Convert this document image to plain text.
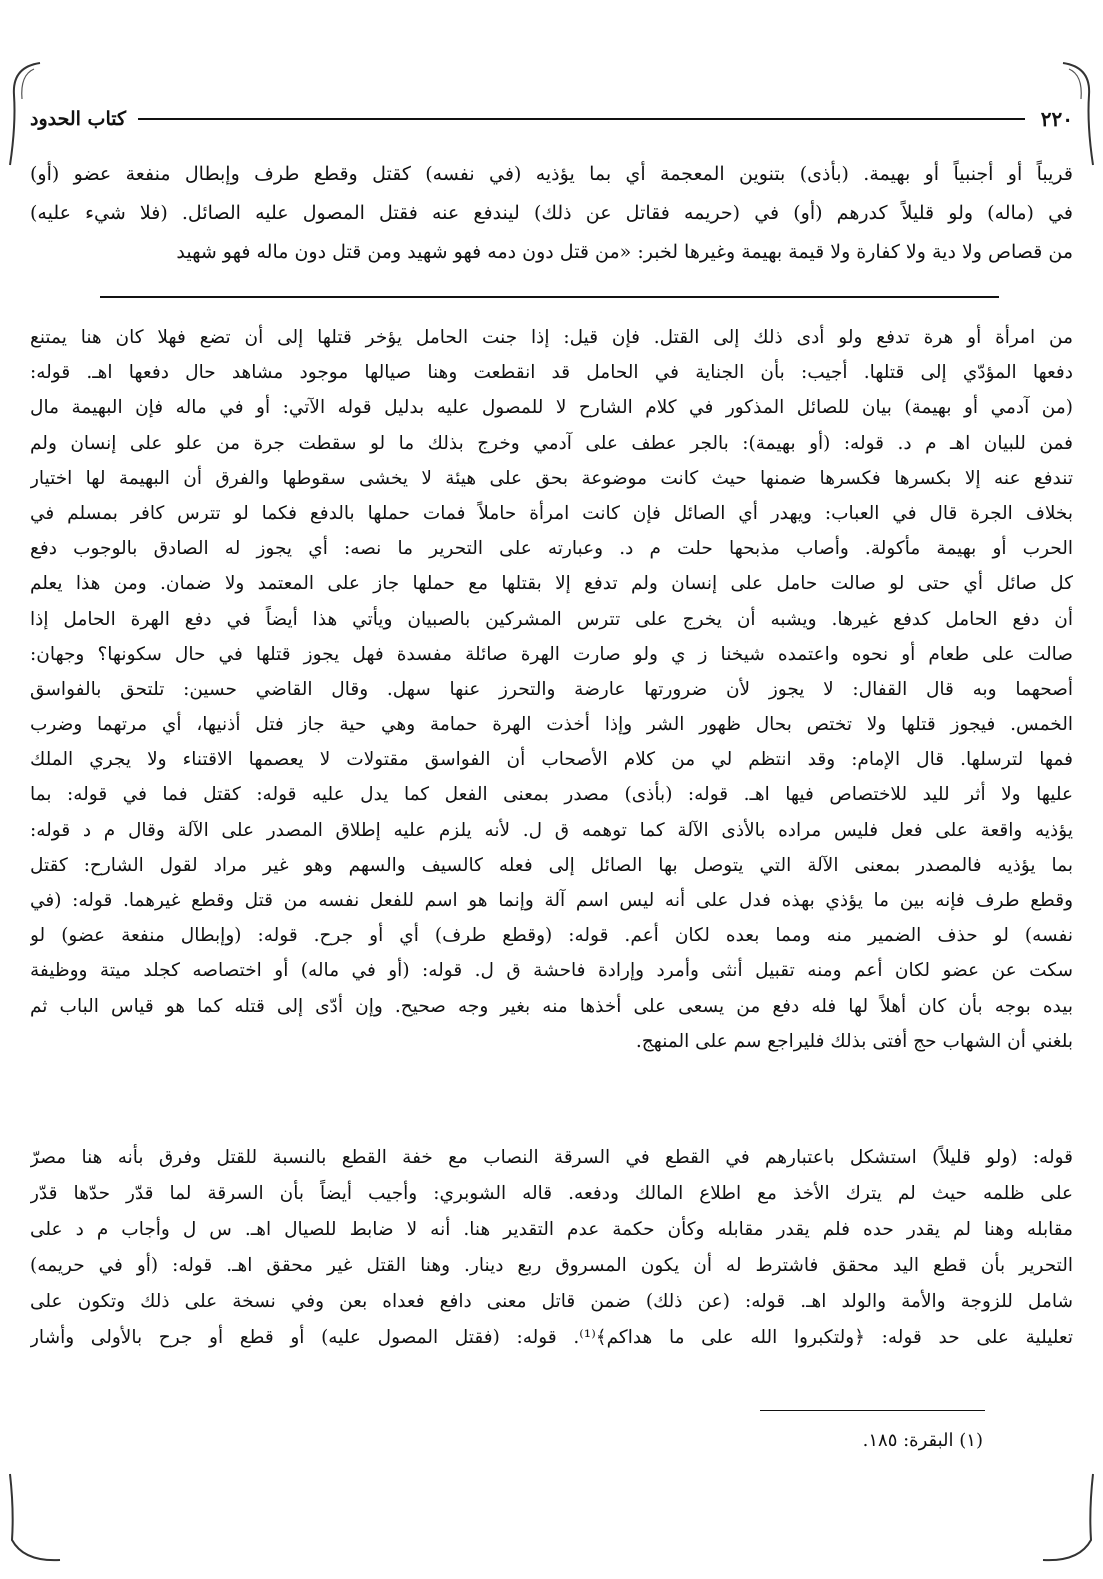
٢٢٠
كتاب الحدود
قريباً أو أجنبياً أو بهيمة. (بأذى) بتنوين المعجمة أي بما يؤذيه (في نفسه) كقتل وقطع طرف وإبطال منفعة عضو (أو)
في (ماله) ولو قليلاً كدرهم (أو) في (حريمه فقاتل عن ذلك) ليندفع عنه فقتل المصول عليه الصائل. (فلا شيء عليه)
من قصاص ولا دية ولا كفارة ولا قيمة بهيمة وغيرها لخبر: «من قتل دون دمه فهو شهيد ومن قتل دون ماله فهو شهيد
من امرأة أو هرة تدفع ولو أدى ذلك إلى القتل. فإن قيل: إذا جنت الحامل يؤخر قتلها إلى أن تضع فهلا كان هنا يمتنع
دفعها المؤدّي إلى قتلها. أجيب: بأن الجناية في الحامل قد انقطعت وهنا صيالها موجود مشاهد حال دفعها اهـ. قوله:
(من آدمي أو بهيمة) بيان للصائل المذكور في كلام الشارح لا للمصول عليه بدليل قوله الآتي: أو في ماله فإن البهيمة مال
فمن للبيان اهـ م د. قوله: (أو بهيمة): بالجر عطف على آدمي وخرج بذلك ما لو سقطت جرة من علو على إنسان ولم
تندفع عنه إلا بكسرها فكسرها ضمنها حيث كانت موضوعة بحق على هيئة لا يخشى سقوطها والفرق أن البهيمة لها اختيار
بخلاف الجرة قال في العباب: ويهدر أي الصائل فإن كانت امرأة حاملاً فمات حملها بالدفع فكما لو تترس كافر بمسلم في
الحرب أو بهيمة مأكولة. وأصاب مذبحها حلت م د. وعبارته على التحرير ما نصه: أي يجوز له الصادق بالوجوب دفع
كل صائل أي حتى لو صالت حامل على إنسان ولم تدفع إلا بقتلها مع حملها جاز على المعتمد ولا ضمان. ومن هذا يعلم
أن دفع الحامل كدفع غيرها. ويشبه أن يخرج على تترس المشركين بالصبيان ويأتي هذا أيضاً في دفع الهرة الحامل إذا
صالت على طعام أو نحوه واعتمده شيخنا ز ي ولو صارت الهرة صائلة مفسدة فهل يجوز قتلها في حال سكونها؟ وجهان:
أصحهما وبه قال القفال: لا يجوز لأن ضرورتها عارضة والتحرز عنها سهل. وقال القاضي حسين: تلتحق بالفواسق
الخمس. فيجوز قتلها ولا تختص بحال ظهور الشر وإذا أخذت الهرة حمامة وهي حية جاز فتل أذنيها، أي مرتهما وضرب
فمها لترسلها. قال الإمام: وقد انتظم لي من كلام الأصحاب أن الفواسق مقتولات لا يعصمها الاقتناء ولا يجري الملك
عليها ولا أثر لليد للاختصاص فيها اهـ. قوله: (بأذى) مصدر بمعنى الفعل كما يدل عليه قوله: كقتل فما في قوله: بما
يؤذيه واقعة على فعل فليس مراده بالأذى الآلة كما توهمه ق ل. لأنه يلزم عليه إطلاق المصدر على الآلة وقال م د قوله:
بما يؤذيه فالمصدر بمعنى الآلة التي يتوصل بها الصائل إلى فعله كالسيف والسهم وهو غير مراد لقول الشارح: كقتل
وقطع طرف فإنه بين ما يؤذي بهذه فدل على أنه ليس اسم آلة وإنما هو اسم للفعل نفسه من قتل وقطع غيرهما. قوله: (في
نفسه) لو حذف الضمير منه ومما بعده لكان أعم. قوله: (وقطع طرف) أي أو جرح. قوله: (وإبطال منفعة عضو) لو
سكت عن عضو لكان أعم ومنه تقبيل أنثى وأمرد وإرادة فاحشة ق ل. قوله: (أو في ماله) أو اختصاصه كجلد ميتة ووظيفة
بيده بوجه بأن كان أهلاً لها فله دفع من يسعى على أخذها منه بغير وجه صحيح. وإن أدّى إلى قتله كما هو قياس الباب ثم
بلغني أن الشهاب حج أفتى بذلك فليراجع سم على المنهج.
قوله: (ولو قليلاً) استشكل باعتبارهم في القطع في السرقة النصاب مع خفة القطع بالنسبة للقتل وفرق بأنه هنا مصرّ
على ظلمه حيث لم يترك الأخذ مع اطلاع المالك ودفعه. قاله الشوبري: وأجيب أيضاً بأن السرقة لما قدّر حدّها قدّر
مقابله وهنا لم يقدر حده فلم يقدر مقابله وكأن حكمة عدم التقدير هنا. أنه لا ضابط للصيال اهـ. س ل وأجاب م د على
التحرير بأن قطع اليد محقق فاشترط له أن يكون المسروق ربع دينار. وهنا القتل غير محقق اهـ. قوله: (أو في حريمه)
شامل للزوجة والأمة والولد اهـ. قوله: (عن ذلك) ضمن قاتل معنى دافع فعداه بعن وفي نسخة على ذلك وتكون على
تعليلية على حد قوله: ﴿ولتكبروا الله على ما هداكم﴾⁽¹⁾. قوله: (فقتل المصول عليه) أو قطع أو جرح بالأولى وأشار
(١) البقرة: ١٨٥.
